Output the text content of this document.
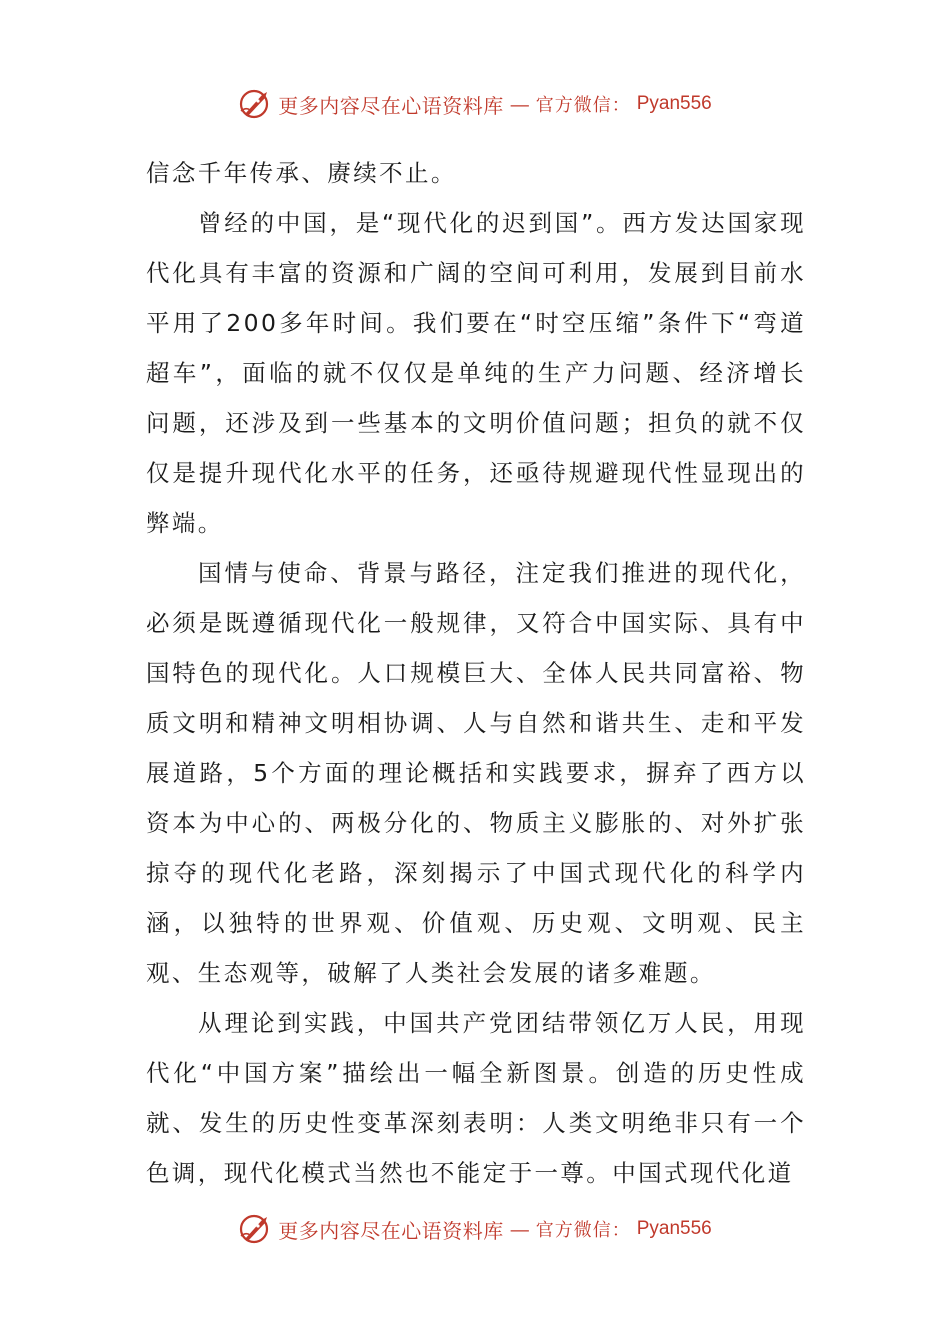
更多内容尽在心语资料库 — 官方微信： Pyan556

信念千年传承、赓续不止。

曾经的中国，是“现代化的迟到国”。西方发达国家现代化具有丰富的资源和广阔的空间可利用，发展到目前水平用了200多年时间。我们要在“时空压缩”条件下“弯道超车”，面临的就不仅仅是单纯的生产力问题、经济增长问题，还涉及到一些基本的文明价值问题；担负的就不仅仅是提升现代化水平的任务，还亟待规避现代性显现出的弊端。

国情与使命、背景与路径，注定我们推进的现代化，必须是既遵循现代化一般规律，又符合中国实际、具有中国特色的现代化。人口规模巨大、全体人民共同富裕、物质文明和精神文明相协调、人与自然和谐共生、走和平发展道路，5个方面的理论概括和实践要求，摒弃了西方以资本为中心的、两极分化的、物质主义膨胀的、对外扩张掠夺的现代化老路，深刻揭示了中国式现代化的科学内涵，以独特的世界观、价值观、历史观、文明观、民主观、生态观等，破解了人类社会发展的诸多难题。

从理论到实践，中国共产党团结带领亿万人民，用现代化“中国方案”描绘出一幅全新图景。创造的历史性成就、发生的历史性变革深刻表明：人类文明绝非只有一个色调，现代化模式当然也不能定于一尊。中国式现代化道

更多内容尽在心语资料库 — 官方微信： Pyan556
